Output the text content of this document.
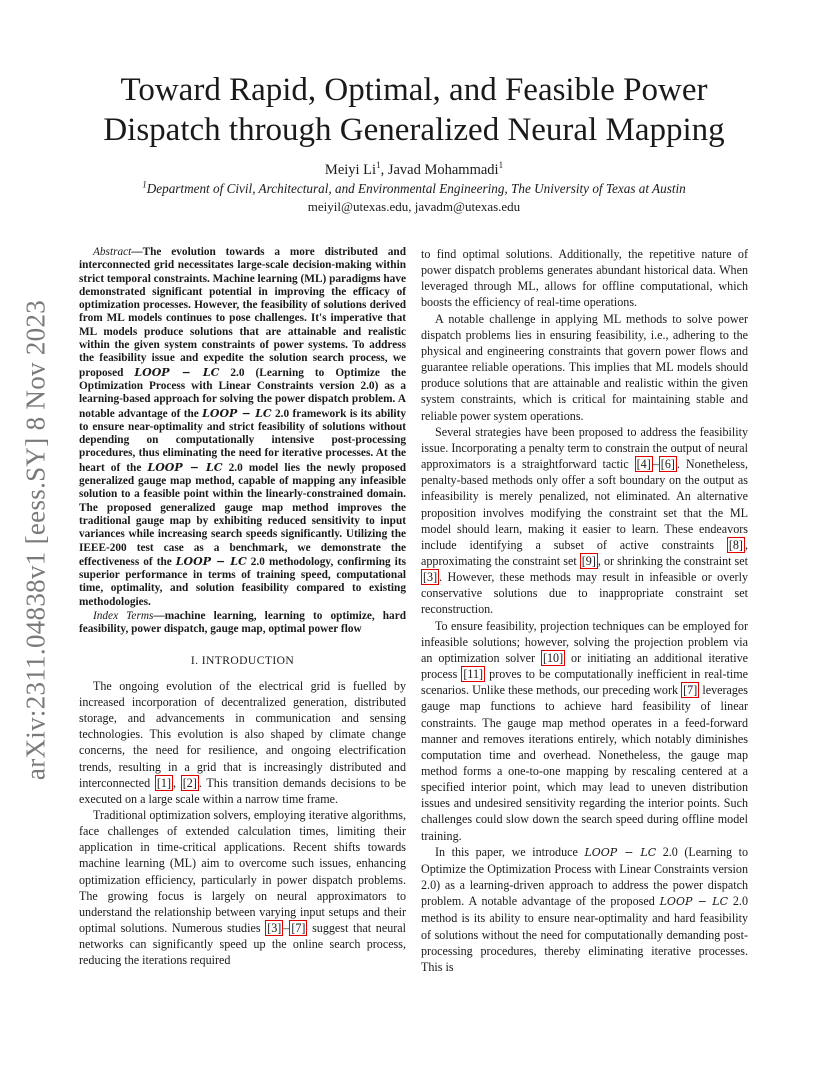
arXiv:2311.04838v1 [eess.SY] 8 Nov 2023
Toward Rapid, Optimal, and Feasible Power
Dispatch through Generalized Neural Mapping
Meiyi Li$^1$, Javad Mohammadi$^1$
$^1$Department of Civil, Architectural, and Environmental Engineering, The University of Texas at Austin
meiyil@utexas.edu, javadm@utexas.edu
Abstract—The evolution towards a more distributed and interconnected grid necessitates large-scale decision-making within strict temporal constraints. Machine learning (ML) paradigms have demonstrated significant potential in improving the efficacy of optimization processes. However, the feasibility of solutions derived from ML models continues to pose challenges. It's imperative that ML models produce solutions that are attainable and realistic within the given system constraints of power systems. To address the feasibility issue and expedite the solution search process, we proposed LOOP − LC 2.0 (Learning to Optimize the Optimization Process with Linear Constraints version 2.0) as a learning-based approach for solving the power dispatch problem. A notable advantage of the LOOP − LC 2.0 framework is its ability to ensure near-optimality and strict feasibility of solutions without depending on computationally intensive post-processing procedures, thus eliminating the need for iterative processes. At the heart of the LOOP − LC 2.0 model lies the newly proposed generalized gauge map method, capable of mapping any infeasible solution to a feasible point within the linearly-constrained domain. The proposed generalized gauge map method improves the traditional gauge map by exhibiting reduced sensitivity to input variances while increasing search speeds significantly. Utilizing the IEEE-200 test case as a benchmark, we demonstrate the effectiveness of the LOOP − LC 2.0 methodology, confirming its superior performance in terms of training speed, computational time, optimality, and solution feasibility compared to existing methodologies.
Index Terms—machine learning, learning to optimize, hard feasibility, power dispatch, gauge map, optimal power flow
I. INTRODUCTION

The ongoing evolution of the electrical grid is fuelled by increased incorporation of decentralized generation, distributed storage, and advancements in communication and sensing technologies. This evolution is also shaped by climate change concerns, the need for resilience, and ongoing electrification trends, resulting in a grid that is increasingly distributed and interconnected [1] , [2] . This transition demands decisions to be executed on a large scale within a narrow time frame.

Traditional optimization solvers, employing iterative algorithms, face challenges of extended calculation times, limiting their application in time-critical applications. Recent shifts towards machine learning (ML) aim to overcome such issues, enhancing optimization efficiency, particularly in power dispatch problems. The growing focus is largely on neural approximators to understand the relationship between varying input setups and their optimal solutions. Numerous studies [3] – [7] suggest that neural networks can significantly speed up the online search process, reducing the iterations required

to find optimal solutions. Additionally, the repetitive nature of power dispatch problems generates abundant historical data. When leveraged through ML, allows for offline computational, which boosts the efficiency of real-time operations.

A notable challenge in applying ML methods to solve power dispatch problems lies in ensuring feasibility, i.e., adhering to the physical and engineering constraints that govern power flows and guarantee reliable operations. This implies that ML models should produce solutions that are attainable and realistic within the given system constraints, which is critical for maintaining stable and reliable power system operations.

Several strategies have been proposed to address the feasibility issue. Incorporating a penalty term to constrain the output of neural approximators is a straightforward tactic [4] – [6] . Nonetheless, penalty-based methods only offer a soft boundary on the output as infeasibility is merely penalized, not eliminated. An alternative proposition involves modifying the constraint set that the ML model should learn, making it easier to learn. These endeavors include identifying a subset of active constraints [8] , approximating the constraint set [9] , or shrinking the constraint set [3] . However, these methods may result in infeasible or overly conservative solutions due to inappropriate constraint set reconstruction.

To ensure feasibility, projection techniques can be employed for infeasible solutions; however, solving the projection problem via an optimization solver [10] or initiating an additional iterative process [11] proves to be computationally inefficient in real-time scenarios. Unlike these methods, our preceding work [7] leverages gauge map functions to achieve hard feasibility of linear constraints. The gauge map method operates in a feed-forward manner and removes iterations entirely, which notably diminishes computation time and overhead. Nonetheless, the gauge map method forms a one-to-one mapping by rescaling centered at a specified interior point, which may lead to uneven distribution issues and undesired sensitivity regarding the interior points. Such challenges could slow down the search speed during offline model training.

In this paper, we introduce LOOP − LC 2.0 (Learning to Optimize the Optimization Process with Linear Constraints version 2.0) as a learning-driven approach to address the power dispatch problem. A notable advantage of the proposed LOOP − LC 2.0 method is its ability to ensure near-optimality and hard feasibility of solutions without the need for computationally demanding post-processing procedures, thereby eliminating iterative processes. This is
